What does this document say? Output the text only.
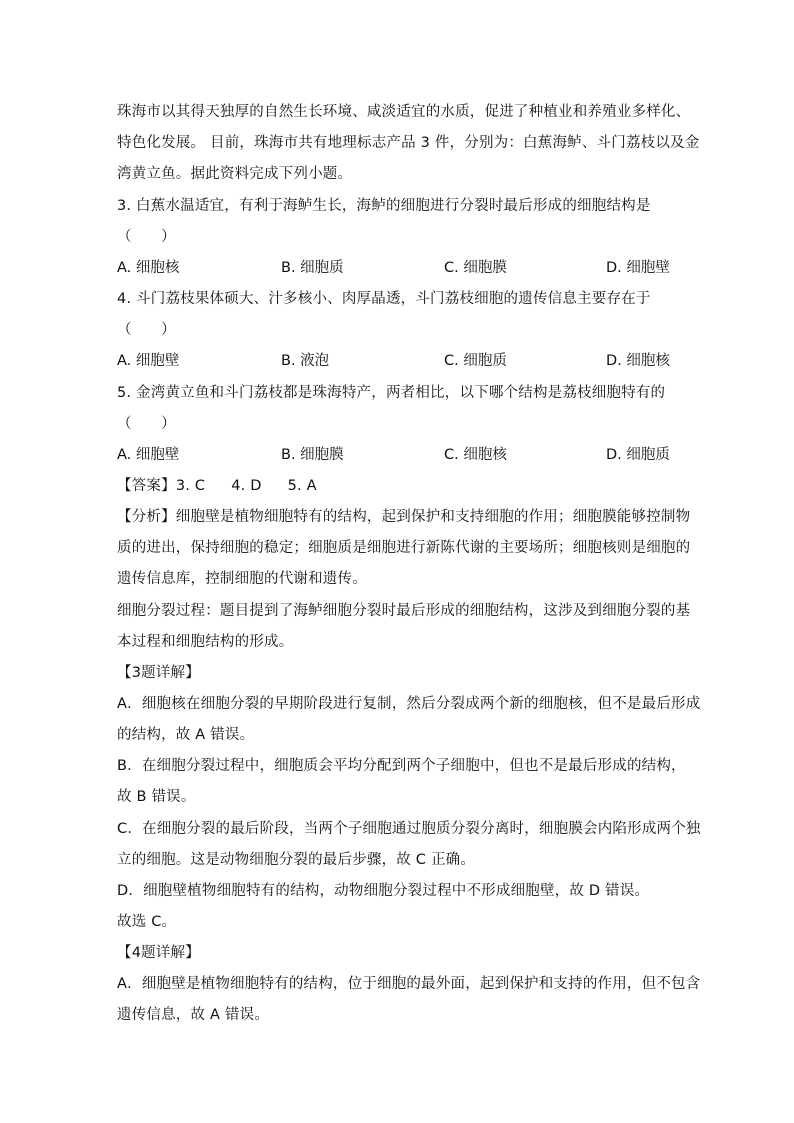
珠海市以其得天独厚的自然生长环境、咸淡适宜的水质，促进了种植业和养殖业多样化、
特色化发展。 目前，珠海市共有地理标志产品 3 件，分别为：白蕉海鲈、斗门荔枝以及金
湾黄立鱼。据此资料完成下列小题。
3. 白蕉水温适宜，有利于海鲈生长，海鲈的细胞进行分裂时最后形成的细胞结构是
（　　）
A. 细胞核	B. 细胞质	C. 细胞膜	D. 细胞壁
4. 斗门荔枝果体硕大、汁多核小、肉厚晶透，斗门荔枝细胞的遗传信息主要存在于
（　　）
A. 细胞壁	B. 液泡	C. 细胞质	D. 细胞核
5. 金湾黄立鱼和斗门荔枝都是珠海特产，两者相比，以下哪个结构是荔枝细胞特有的
（　　）
A. 细胞壁	B. 细胞膜	C. 细胞核	D. 细胞质
【答案】3. C 4. D 5. A
【分析】细胞壁是植物细胞特有的结构，起到保护和支持细胞的作用；细胞膜能够控制物
质的进出，保持细胞的稳定；细胞质是细胞进行新陈代谢的主要场所；细胞核则是细胞的
遗传信息库，控制细胞的代谢和遗传。
细胞分裂过程：题目提到了海鲈细胞分裂时最后形成的细胞结构，这涉及到细胞分裂的基
本过程和细胞结构的形成。
【3题详解】
A．细胞核在细胞分裂的早期阶段进行复制，然后分裂成两个新的细胞核，但不是最后形成
的结构，故 A 错误。
B．在细胞分裂过程中，细胞质会平均分配到两个子细胞中，但也不是最后形成的结构，
故 B 错误。
C．在细胞分裂的最后阶段，当两个子细胞通过胞质分裂分离时，细胞膜会内陷形成两个独
立的细胞。这是动物细胞分裂的最后步骤，故 C 正确。
D．细胞壁植物细胞特有的结构，动物细胞分裂过程中不形成细胞壁，故 D 错误。
故选 C。
【4题详解】
A．细胞壁是植物细胞特有的结构，位于细胞的最外面，起到保护和支持的作用，但不包含
遗传信息，故 A 错误。
